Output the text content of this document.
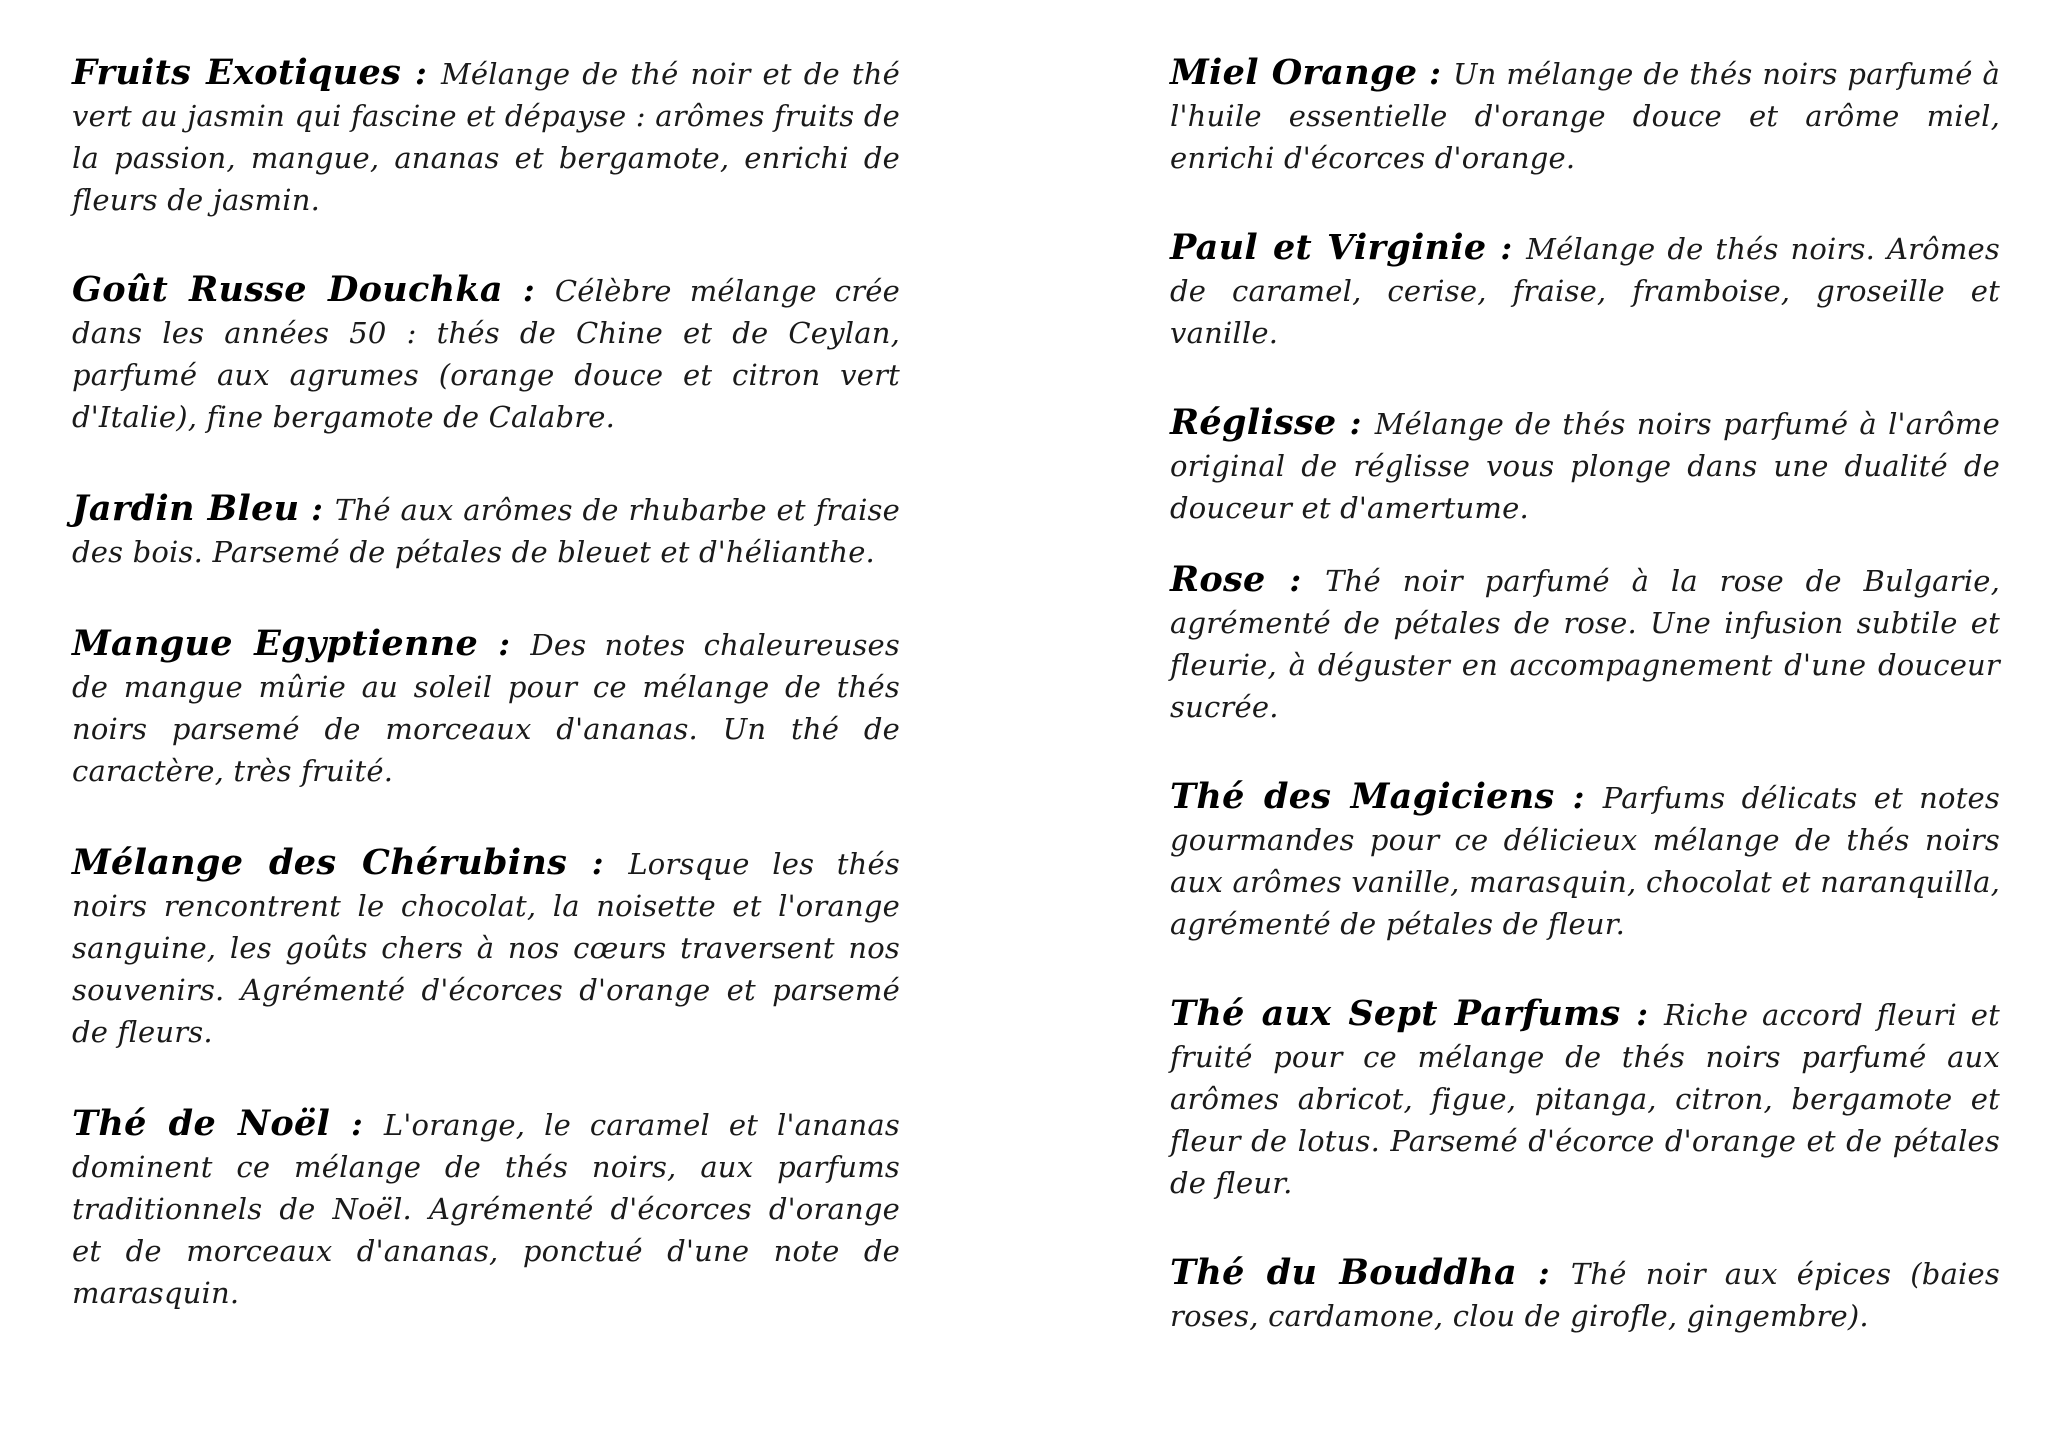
Fruits Exotiques : Mélange de thé noir et de thé vert au jasmin qui fascine et dépayse : arômes fruits de la passion, mangue, ananas et bergamote, enrichi de fleurs de jasmin.

Goût Russe Douchka : Célèbre mélange crée dans les années 50 : thés de Chine et de Ceylan, parfumé aux agrumes (orange douce et citron vert d'Italie), fine bergamote de Calabre.

Jardin Bleu : Thé aux arômes de rhubarbe et fraise des bois. Parsemé de pétales de bleuet et d'hélianthe.

Mangue Egyptienne : Des notes chaleureuses de mangue mûrie au soleil pour ce mélange de thés noirs parsemé de morceaux d'ananas. Un thé de caractère, très fruité.

Mélange des Chérubins : Lorsque les thés noirs rencontrent le chocolat, la noisette et l'orange sanguine, les goûts chers à nos cœurs traversent nos souvenirs. Agrémenté d'écorces d'orange et parsemé de fleurs.

Thé de Noël : L'orange, le caramel et l'ananas dominent ce mélange de thés noirs, aux parfums traditionnels de Noël. Agrémenté d'écorces d'orange et de morceaux d'ananas, ponctué d'une note de marasquin.

Miel Orange : Un mélange de thés noirs parfumé à l'huile essentielle d'orange douce et arôme miel, enrichi d'écorces d'orange.

Paul et Virginie : Mélange de thés noirs. Arômes de caramel, cerise, fraise, framboise, groseille et vanille.

Réglisse : Mélange de thés noirs parfumé à l'arôme original de réglisse vous plonge dans une dualité de douceur et d'amertume.

Rose : Thé noir parfumé à la rose de Bulgarie, agrémenté de pétales de rose. Une infusion subtile et fleurie, à déguster en accompagnement d'une douceur sucrée.

Thé des Magiciens : Parfums délicats et notes gourmandes pour ce délicieux mélange de thés noirs aux arômes vanille, marasquin, chocolat et naranquilla, agrémenté de pétales de fleur.

Thé aux Sept Parfums : Riche accord fleuri et fruité pour ce mélange de thés noirs parfumé aux arômes abricot, figue, pitanga, citron, bergamote et fleur de lotus. Parsemé d'écorce d'orange et de pétales de fleur.

Thé du Bouddha : Thé noir aux épices (baies roses, cardamone, clou de girofle, gingembre).
